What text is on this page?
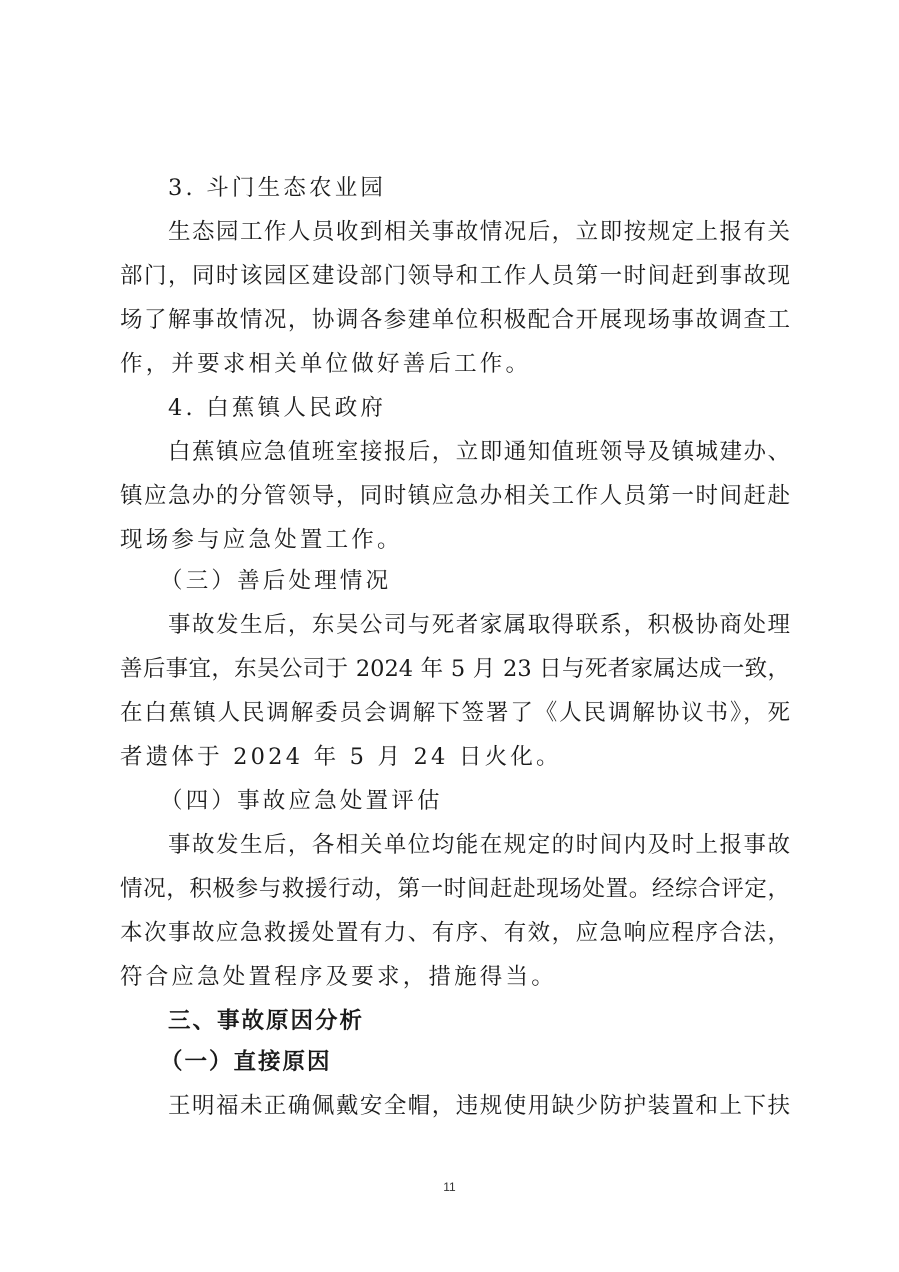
3. 斗门生态农业园
生态园工作人员收到相关事故情况后，立即按规定上报有关
部门，同时该园区建设部门领导和工作人员第一时间赶到事故现
场了解事故情况，协调各参建单位积极配合开展现场事故调查工
作，并要求相关单位做好善后工作。
4. 白蕉镇人民政府
白蕉镇应急值班室接报后，立即通知值班领导及镇城建办、
镇应急办的分管领导，同时镇应急办相关工作人员第一时间赶赴
现场参与应急处置工作。
（三）善后处理情况
事故发生后，东吴公司与死者家属取得联系，积极协商处理
善后事宜，东吴公司于 2024 年 5 月 23 日与死者家属达成一致，
在白蕉镇人民调解委员会调解下签署了《人民调解协议书》，死
者遗体于 2024 年 5 月 24 日火化。
（四）事故应急处置评估
事故发生后，各相关单位均能在规定的时间内及时上报事故
情况，积极参与救援行动，第一时间赶赴现场处置。经综合评定，
本次事故应急救援处置有力、有序、有效，应急响应程序合法，
符合应急处置程序及要求，措施得当。
三、事故原因分析
（一）直接原因
王明福未正确佩戴安全帽，违规使用缺少防护装置和上下扶
11
